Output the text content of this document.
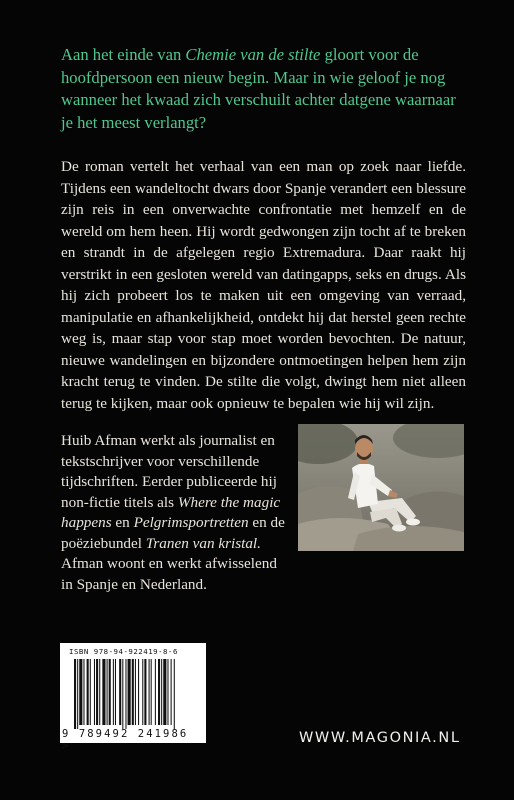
Aan het einde van Chemie van de stilte gloort voor de hoofdpersoon een nieuw begin. Maar in wie geloof je nog wanneer het kwaad zich verschuilt achter datgene waarnaar je het meest verlangt?

De roman vertelt het verhaal van een man op zoek naar liefde. Tijdens een wandeltocht dwars door Spanje verandert een blessure zijn reis in een onverwachte confrontatie met hemzelf en de wereld om hem heen. Hij wordt gedwongen zijn tocht af te breken en strandt in de afgelegen regio Extremadura. Daar raakt hij verstrikt in een gesloten wereld van datingapps, seks en drugs. Als hij zich probeert los te maken uit een omgeving van verraad, manipulatie en afhankelijkheid, ontdekt hij dat herstel geen rechte weg is, maar stap voor stap moet worden bevochten. De natuur, nieuwe wandelingen en bijzondere ontmoetingen helpen hem zijn kracht terug te vinden. De stilte die volgt, dwingt hem niet alleen terug te kijken, maar ook opnieuw te bepalen wie hij wil zijn.

Huib Afman werkt als journalist en tekstschrijver voor verschillende tijdschriften. Eerder publiceerde hij non-fictie titels als Where the magic happens en Pelgrimsportretten en de poëziebundel Tranen van kristal. Afman woont en werkt afwisselend in Spanje en Nederland.

ISBN 978-94-922419-8-6
9 789492 241986 >	WWW.MAGONIA.NL
